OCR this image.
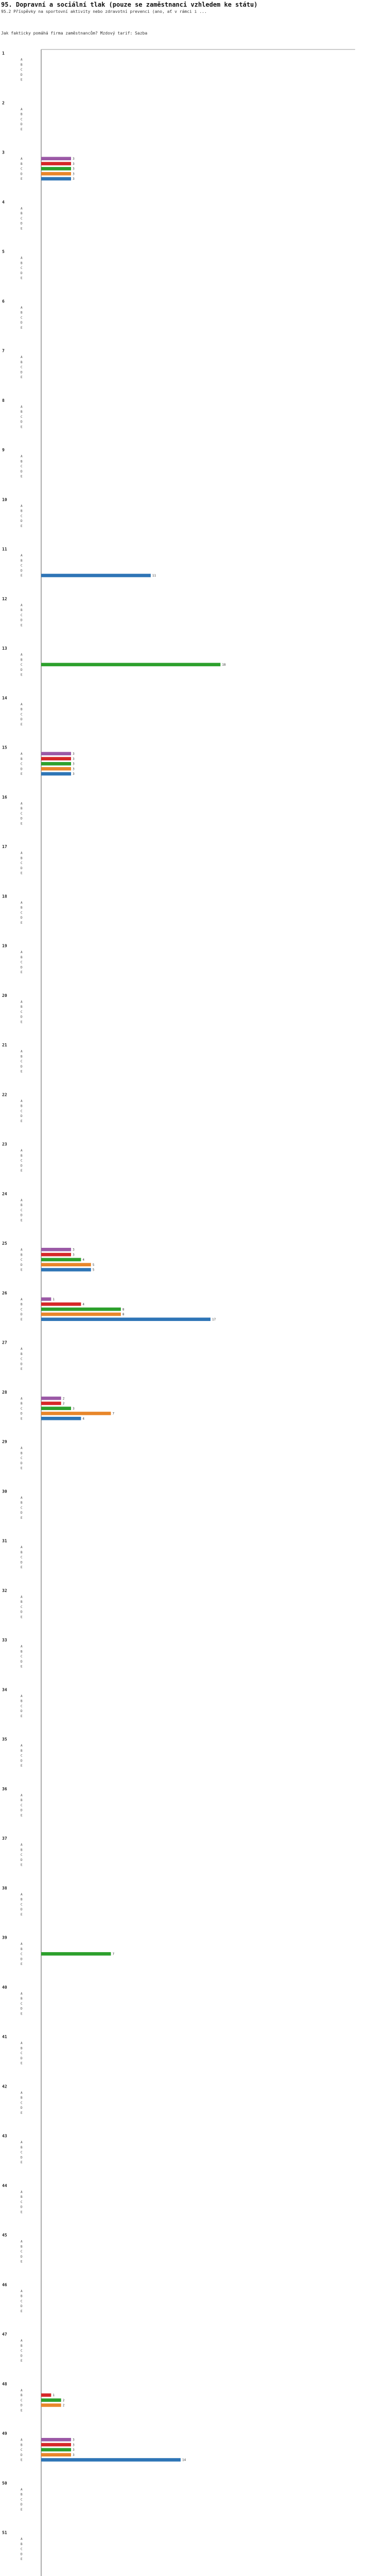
95. Dopravní a sociální tlak (pouze se zaměstnanci vzhledem ke státu)
95.2 Příspěvky na sportovní aktivity nebo zdravotní prevenci (ano, ať v rámci i ...
Jak fakticky pomáhá firma zaměstnancům? Mzdový tarif: Sazba
1
A
B
C
D
E
2
A
B
C
D
E
3
A	3
B	3
C	3
D	3
E	3
4
A
B
C
D
E
5
A
B
C
D
E
6
A
B
C
D
E
7
A
B
C
D
E
8
A
B
C
D
E
9
A
B
C
D
E
10
A
B
C
D
E
11
A
B
C
D
E	11
12
A
B
C
D
E
13
A
B
C	18
D
E
14
A
B
C
D
E
15
A	3
B	3
C	3
D	3
E	3
16
A
B
C
D
E
17
A
B
C
D
E
18
A
B
C
D
E
19
A
B
C
D
E
20
A
B
C
D
E
21
A
B
C
D
E
22
A
B
C
D
E
23
A
B
C
D
E
24
A
B
C
D
E
25
A	3
B	3
C	4
D	5
E	5
26
A	1
B	4
C	8
D	8
E	17
27
A
B
C
D
E
28
A	2
B	2
C	3
D	7
E	4
29
A
B
C
D
E
30
A
B
C
D
E
31
A
B
C
D
E
32
A
B
C
D
E
33
A
B
C
D
E
34
A
B
C
D
E
35
A
B
C
D
E
36
A
B
C
D
E
37
A
B
C
D
E
38
A
B
C
D
E
39
A
B
C	7
D
E
40
A
B
C
D
E
41
A
B
C
D
E
42
A
B
C
D
E
43
A
B
C
D
E
44
A
B
C
D
E
45
A
B
C
D
E
46
A
B
C
D
E
47
A
B
C
D
E
48
A
B	1
C	2
D	2
E
49
A	3
B	3
C	3
D	3
E	14
50
A
B
C
D
E
51
A
B
C
D
E
